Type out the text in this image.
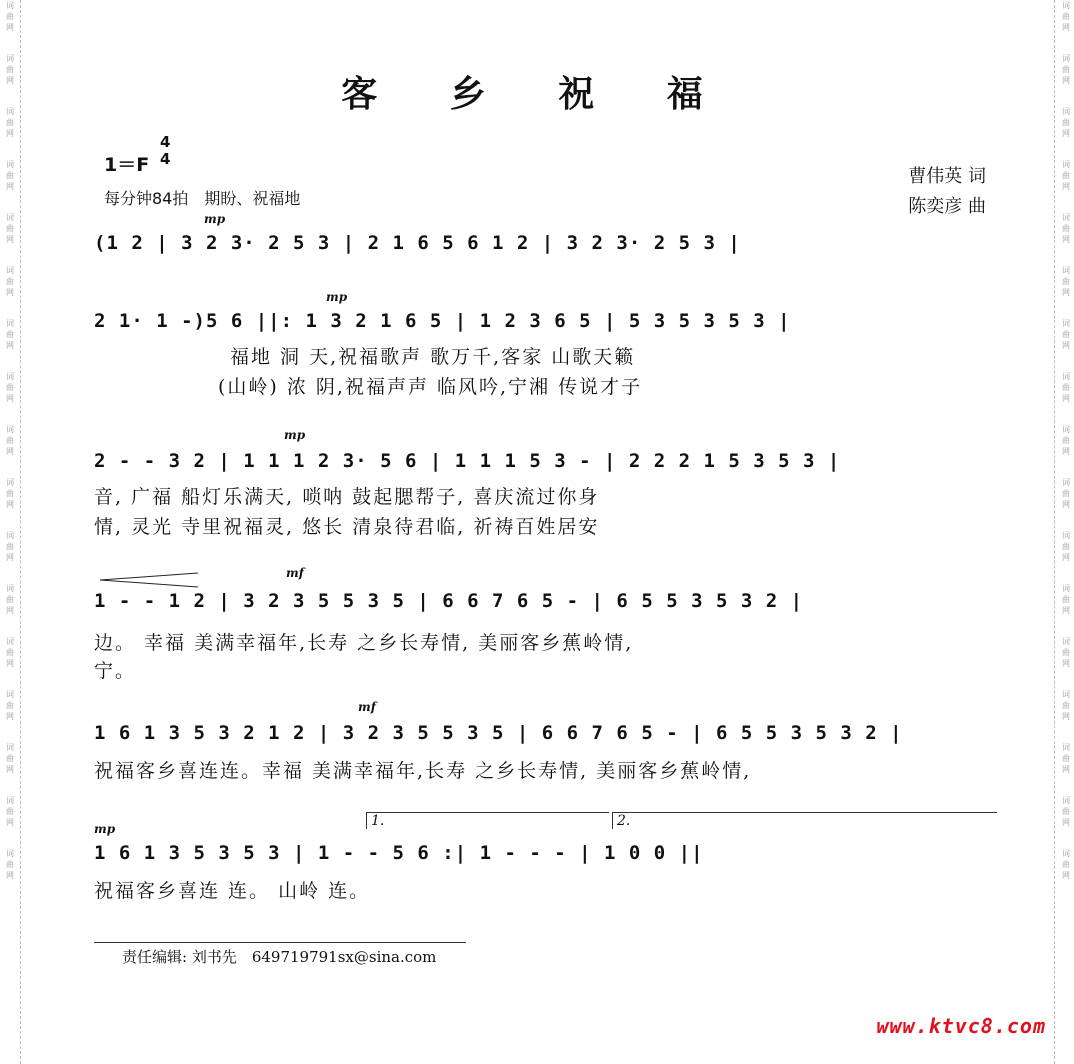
词
曲
网
词
曲
网
词
曲
网
词
曲
网
词
曲
网
词
曲
网
词
曲
网
词
曲
网
词
曲
网
词
曲
网
词
曲
网
词
曲
网
词
曲
网
词
曲
网
词
曲
网
词
曲
网
词
曲
网
词
曲
网
词
曲
网
词
曲
网
词
曲
网
词
曲
网
词
曲
网
词
曲
网
词
曲
网
词
曲
网
词
曲
网
词
曲
网
词
曲
网
词
曲
网
词
曲
网
词
曲
网
词
曲
网
词
曲
网
客 乡 祝 福
1＝F
4
4
每分钟84拍　期盼、祝福地
曹伟英 词
陈奕彦 曲
mp
(1 2 | 3 2 3· 2 5 3 | 2 1 6 5 6 1 2 | 3 2 3· 2 5 3 |
mp
2 1· 1 -)5 6 ||: 1 3 2 1 6 5 | 1 2 3 6 5 | 5 3 5 3 5 3 |
福地 洞 天,祝福歌声 歌万千,客家 山歌天籁
(山岭) 浓 阴,祝福声声 临风吟,宁湘 传说才子
mp
2 - - 3 2 | 1 1 1 2 3· 5 6 | 1 1 1 5 3 - | 2 2 2 1 5 3 5 3 |
音, 广福 船灯乐满天, 唢呐 鼓起腮帮子, 喜庆流过你身
情, 灵光 寺里祝福灵, 悠长 清泉待君临, 祈祷百姓居安
mf
1 - - 1 2 | 3 2 3 5 5 3 5 | 6 6 7 6 5 - | 6 5 5 3 5 3 2 |
边。 幸福 美满幸福年,长寿 之乡长寿情, 美丽客乡蕉岭情,
宁。
mf
1 6 1 3 5 3 2 1 2 | 3 2 3 5 5 3 5 | 6 6 7 6 5 - | 6 5 5 3 5 3 2 |
祝福客乡喜连连。幸福 美满幸福年,长寿 之乡长寿情, 美丽客乡蕉岭情,
mp	1.	2.
1 6 1 3 5 3 5 3 | 1 - - 5 6 :| 1 - - - | 1 0 0 ||
祝福客乡喜连 连。 山岭 连。
责任编辑: 刘书先　649719791sx@sina.com
www.ktvc8.com
